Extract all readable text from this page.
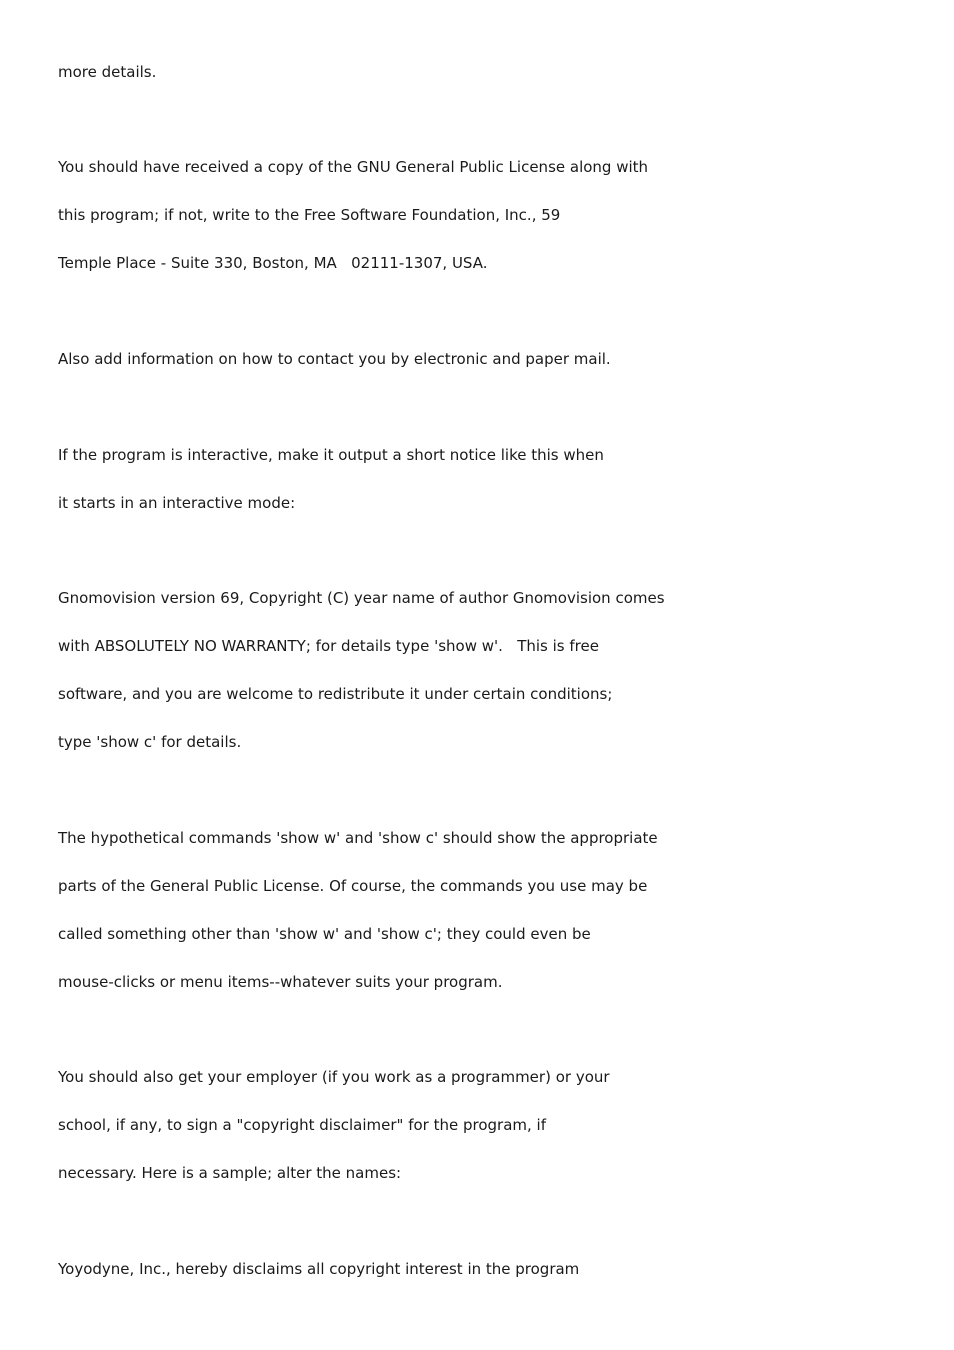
more details.

You should have received a copy of the GNU General Public License along with

this program; if not, write to the Free Software Foundation, Inc., 59

Temple Place - Suite 330, Boston, MA   02111-1307, USA.

Also add information on how to contact you by electronic and paper mail.

If the program is interactive, make it output a short notice like this when

it starts in an interactive mode:

Gnomovision version 69, Copyright (C) year name of author Gnomovision comes

with ABSOLUTELY NO WARRANTY; for details type 'show w'.   This is free

software, and you are welcome to redistribute it under certain conditions;

type 'show c' for details.

The hypothetical commands 'show w' and 'show c' should show the appropriate

parts of the General Public License. Of course, the commands you use may be

called something other than 'show w' and 'show c'; they could even be

mouse-clicks or menu items--whatever suits your program.

You should also get your employer (if you work as a programmer) or your

school, if any, to sign a "copyright disclaimer" for the program, if

necessary. Here is a sample; alter the names:

Yoyodyne, Inc., hereby disclaims all copyright interest in the program
